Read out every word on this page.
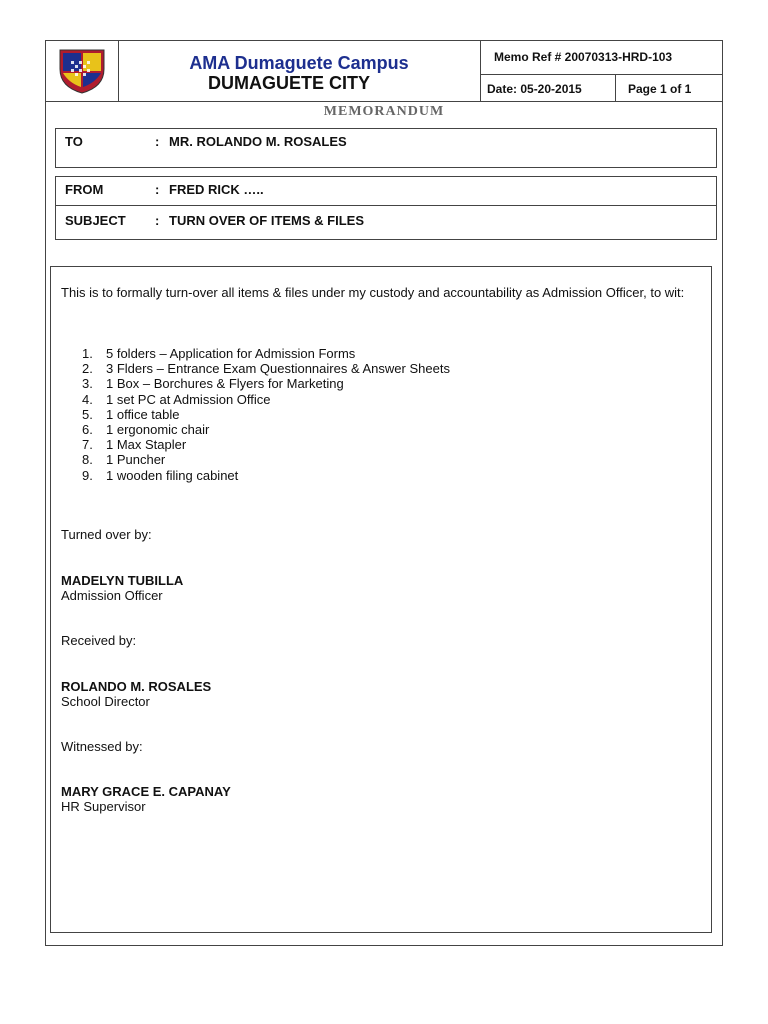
AMA Dumaguete Campus
DUMAGUETE CITY
Memo Ref # 20070313-HRD-103
Date: 05-20-2015	Page 1 of 1
MEMORANDUM
TO	: MR. ROLANDO M. ROSALES
FROM	: FRED RICK …..
SUBJECT : TURN OVER OF ITEMS & FILES
This is to formally turn-over all items & files under my custody and accountability as Admission Officer, to wit:
1. 5 folders – Application for Admission Forms
2. 3 Flders – Entrance Exam Questionnaires & Answer Sheets
3. 1 Box – Borchures & Flyers for Marketing
4. 1 set PC at Admission Office
5. 1 office table
6. 1 ergonomic chair
7. 1 Max Stapler
8. 1 Puncher
9. 1 wooden filing cabinet
Turned over by:
MADELYN TUBILLA
Admission Officer
Received by:
ROLANDO M. ROSALES
School Director
Witnessed by:
MARY GRACE E. CAPANAY
HR Supervisor
